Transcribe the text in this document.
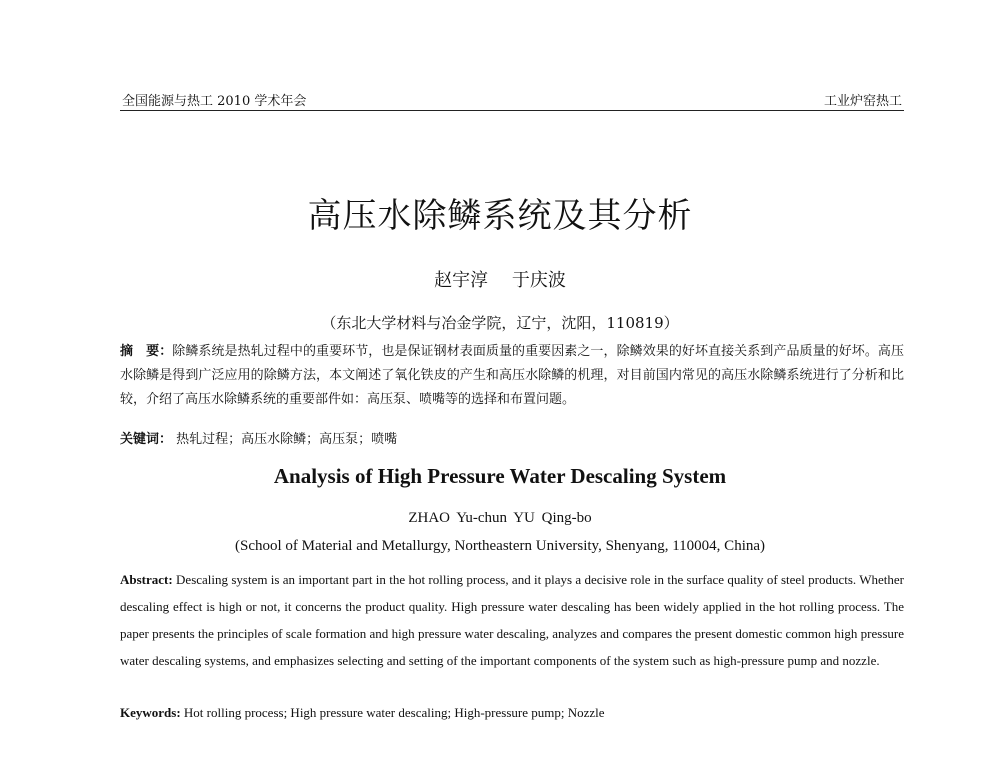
全国能源与热工 2010 学术年会	工业炉窑热工
高压水除鳞系统及其分析
赵宇淳 于庆波
（东北大学材料与冶金学院，辽宁，沈阳，110819）
摘　要：除鳞系统是热轧过程中的重要环节，也是保证钢材表面质量的重要因素之一，除鳞效果的好坏直接关系到产品质量的好坏。高压水除鳞是得到广泛应用的除鳞方法，本文阐述了氧化铁皮的产生和高压水除鳞的机理，对目前国内常见的高压水除鳞系统进行了分析和比较，介绍了高压水除鳞系统的重要部件如：高压泵、喷嘴等的选择和布置问题。
关键词： 热轧过程；高压水除鳞；高压泵；喷嘴
Analysis of High Pressure Water Descaling System
ZHAO Yu-chun YU Qing-bo
(School of Material and Metallurgy, Northeastern University, Shenyang, 110004, China)
Abstract: Descaling system is an important part in the hot rolling process, and it plays a decisive role in the surface quality of steel products. Whether descaling effect is high or not, it concerns the product quality. High pressure water descaling has been widely applied in the hot rolling process. The paper presents the principles of scale formation and high pressure water descaling, analyzes and compares the present domestic common high pressure water descaling systems, and emphasizes selecting and setting of the important components of the system such as high-pressure pump and nozzle.
Keywords: Hot rolling process; High pressure water descaling; High-pressure pump; Nozzle
